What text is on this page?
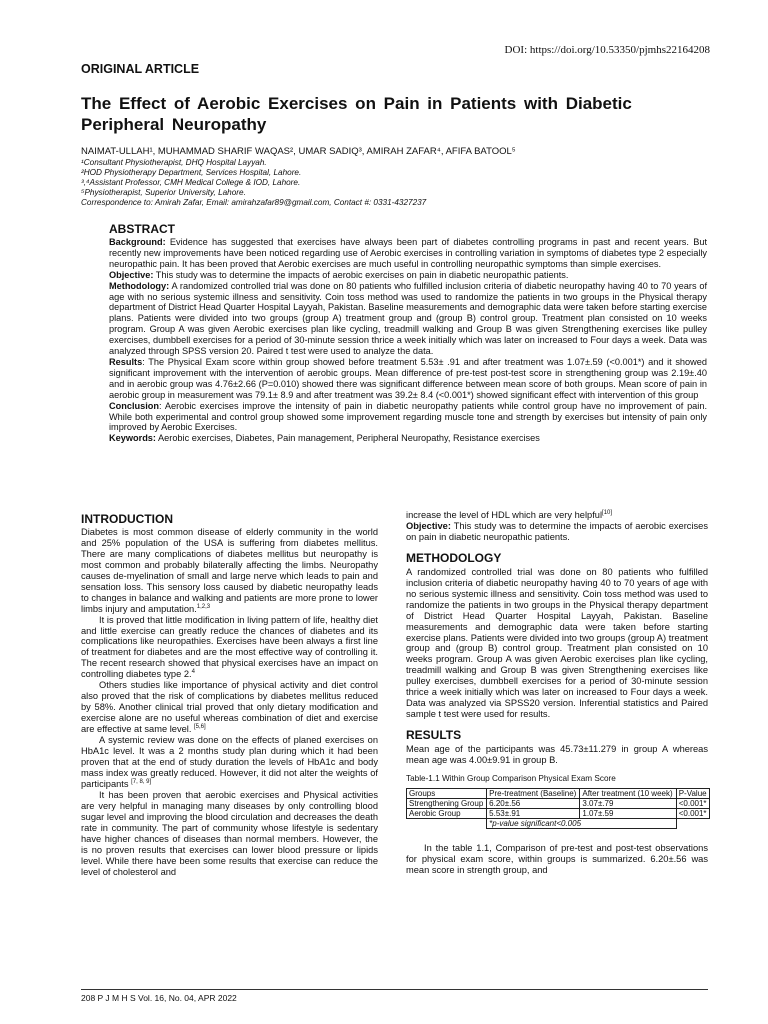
DOI: https://doi.org/10.53350/pjmhs22164208
ORIGINAL ARTICLE
The Effect of Aerobic Exercises on Pain in Patients with Diabetic Peripheral Neuropathy
NAIMAT-ULLAH¹, MUHAMMAD SHARIF WAQAS², UMAR SADIQ³, AMIRAH ZAFAR⁴, AFIFA BATOOL⁵
¹Consultant Physiotherapist, DHQ Hospital Layyah.
²HOD Physiotherapy Department, Services Hospital, Lahore.
³,⁴Assistant Professor, CMH Medical College & IOD, Lahore.
⁵Physiotherapist, Superior University, Lahore.
Correspondence to: Amirah Zafar, Email: amirahzafar89@gmail.com, Contact #: 0331-4327237
ABSTRACT

Background: Evidence has suggested that exercises have always been part of diabetes controlling programs in past and recent years. But recently new improvements have been noticed regarding use of Aerobic exercises in controlling variation in symptoms of diabetes type 2 especially neuropathic pain. It has been proved that Aerobic exercises are much useful in controlling neuropathic symptoms than simple exercises.

Objective: This study was to determine the impacts of aerobic exercises on pain in diabetic neuropathic patients.

Methodology: A randomized controlled trial was done on 80 patients who fulfilled inclusion criteria of diabetic neuropathy having 40 to 70 years of age with no serious systemic illness and sensitivity. Coin toss method was used to randomize the patients in two groups in the Physical therapy department of District Head Quarter Hospital Layyah, Pakistan. Baseline measurements and demographic data were taken before starting exercise plans. Patients were divided into two groups (group A) treatment group and (group B) control group. Treatment plan consisted on 10 weeks program. Group A was given Aerobic exercises plan like cycling, treadmill walking and Group B was given Strengthening exercises like pulley exercises, dumbbell exercises for a period of 30-minute session thrice a week initially which was later on increased to Four days a week. Data was analyzed through SPSS version 20. Paired t test were used to analyze the data.

Results: The Physical Exam score within group showed before treatment 5.53± .91 and after treatment was 1.07±.59 (<0.001*) and it showed significant improvement with the intervention of aerobic groups. Mean difference of pre-test post-test score in strengthening group was 2.19±.40 and in aerobic group was 4.76±2.66 (P=0.010) showed there was significant difference between mean score of both groups. Mean score of pain in aerobic group in measurement was 79.1± 8.9 and after treatment was 39.2± 8.4 (<0.001*) showed significant effect with intervention of this group

Conclusion: Aerobic exercises improve the intensity of pain in diabetic neuropathy patients while control group have no improvement of pain. While both experimental and control group showed some improvement regarding muscle tone and strength by exercises but intensity of pain only improved by Aerobic Exercises.

Keywords: Aerobic exercises, Diabetes, Pain management, Peripheral Neuropathy, Resistance exercises

INTRODUCTION

Diabetes is most common disease of elderly community in the world and 25% population of the USA is suffering from diabetes mellitus. There are many complications of diabetes mellitus but neuropathy is most common and probably bilaterally affecting the limbs. Neuropathy causes de-myelination of small and large nerve which leads to pain and sensation loss. This sensory loss caused by diabetic neuropathy leads to changes in balance and walking and patients are more prone to lower limbs injury and amputation.$^{1,2,3}$

It is proved that little modification in living pattern of life, healthy diet and little exercise can greatly reduce the chances of diabetes and its complications like neuropathies. Exercises have been always a first line of treatment for diabetes and are the most effective way of controlling it. The recent research showed that physical exercises have an impact on controlling diabetes type 2.$^4$

Others studies like importance of physical activity and diet control also proved that the risk of complications by diabetes mellitus reduced by 58%. Another clinical trial proved that only dietary modification and exercise alone are no useful whereas combination of diet and exercise are effective at same level. [5,6]

A systemic review was done on the effects of planed exercises on HbA1c level. It was a 2 months study plan during which it had been proven that at the end of study duration the levels of HbA1c and body mass index was greatly reduced. However, it did not alter the weights of participants [7, 8, 9]

It has been proven that aerobic exercises and Physical activities are very helpful in managing many diseases by only controlling blood sugar level and improving the blood circulation and decreases the death rate in community. The part of community whose lifestyle is sedentary have higher chances of diseases than normal members. However, the is no proven results that exercises can lower blood pressure or lipids level. While there have been some results that exercise can reduce the level of cholesterol and

increase the level of HDL which are very helpful[10]

Objective: This study was to determine the impacts of aerobic exercises on pain in diabetic neuropathic patients.

METHODOLOGY

A randomized controlled trial was done on 80 patients who fulfilled inclusion criteria of diabetic neuropathy having 40 to 70 years of age with no serious systemic illness and sensitivity. Coin toss method was used to randomize the patients in two groups in the Physical therapy department of District Head Quarter Hospital Layyah, Pakistan. Baseline measurements and demographic data were taken before starting exercise plans. Patients were divided into two groups (group A) treatment group and (group B) control group. Treatment plan consisted on 10 weeks program. Group A was given Aerobic exercises plan like cycling, treadmill walking and Group B was given Strengthening exercises like pulley exercises, dumbbell exercises for a period of 30-minute session thrice a week initially which was later on increased to Four days a week. Data was analyzed via SPSS20 version. Inferential statistics and Paired sample t test were used for results.

RESULTS

Mean age of the participants was 45.73±11.279 in group A whereas mean age was 4.00±9.91 in group B.

Table-1.1 Within Group Comparison Physical Exam Score
Groups	Pre-treatment (Baseline)	After treatment (10 week)	P-Value
Strengthening Group	6.20±.56	3.07±.79	<0.001*
Aerobic Group	5.53±.91	1.07±.59	<0.001*
	*p-value significant<0.005		

In the table 1.1, Comparison of pre-test and post-test observations for physical exam score, within groups is summarized. 6.20±.56 was mean score in strength group, and

208 P J M H S Vol. 16, No. 04, APR 2022
